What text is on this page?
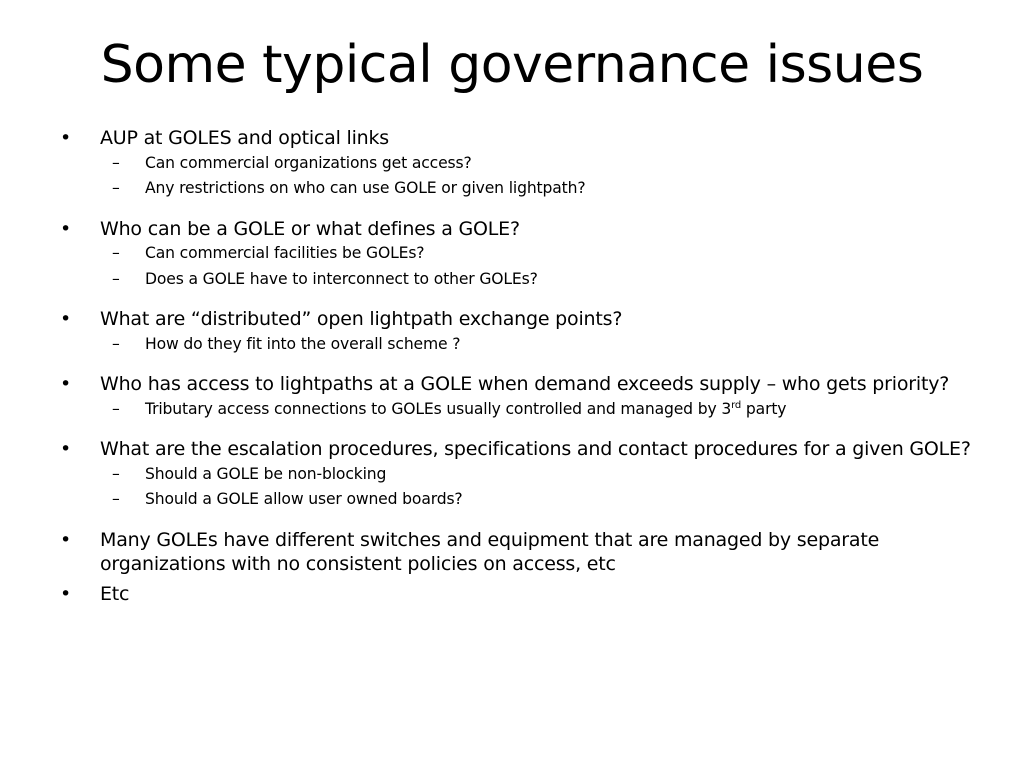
Some typical governance issues
•	AUP at GOLES and optical links
– Can commercial organizations get access?
– Any restrictions on who can use GOLE or given lightpath?
•	Who can be a GOLE or what defines a GOLE?
– Can commercial facilities be GOLEs?
– Does a GOLE have to interconnect to other GOLEs?
•	What are “distributed” open lightpath exchange points?
– How do they fit into the overall scheme ?
•	Who has access to lightpaths at a GOLE when demand exceeds supply – who gets priority?
– Tributary access connections to GOLEs usually controlled and managed by 3rd party
•	What are the escalation procedures, specifications and contact procedures for a given GOLE?
– Should a GOLE be non-blocking
– Should a GOLE allow user owned boards?
•	Many GOLEs have different switches and equipment that are managed by separate organizations with no consistent policies on access, etc
•	Etc
